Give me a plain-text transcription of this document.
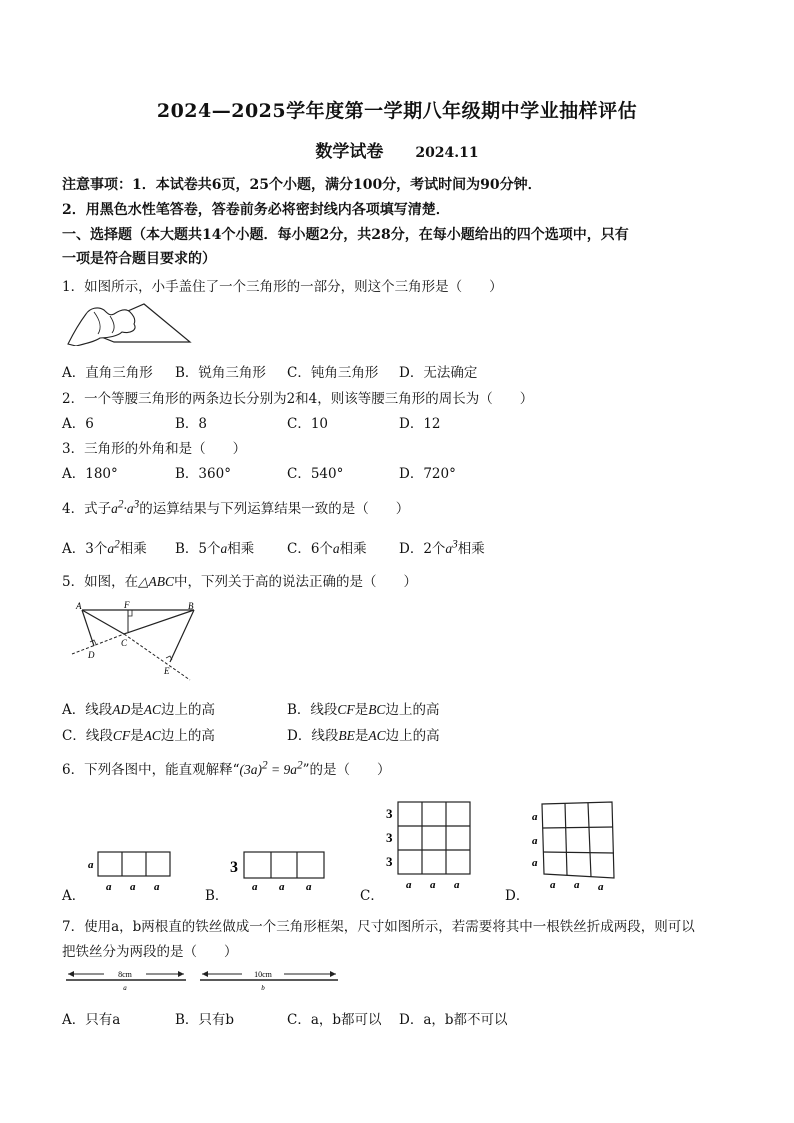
2024—2025学年度第一学期八年级期中学业抽样评估
数学试卷 2024.11
注意事项：1．本试卷共6页，25个小题，满分100分，考试时间为90分钟．
2．用黑色水性笔答卷，答卷前务必将密封线内各项填写清楚．
一、选择题（本大题共14个小题．每小题2分，共28分，在每小题给出的四个选项中，只有
一项是符合题目要求的）
1．如图所示，小手盖住了一个三角形的一部分，则这个三角形是（　　）
A．直角三角形 B．锐角三角形 C．钝角三角形 D．无法确定
2．一个等腰三角形的两条边长分别为2和4，则该等腰三角形的周长为（　　）
A．6	B．8	C．10	D．12
3．三角形的外角和是（　　）
A．180°	B．360°	C．540°	D．720°
4．式子$a^2\cdot a^3$的运算结果与下列运算结果一致的是（　　）
A．3个$a^2$相乘 B．5个a相乘 C．6个a相乘 D．2个$a^3$相乘
5．如图，在△ABC中，下列关于高的说法正确的是（　　）
A	F	B
C
D
E
A．线段AD是AC边上的高	B．线段CF是BC边上的高
C．线段CF是AC边上的高	D．线段BE是AC边上的高
6．下列各图中，能直观解释“$(3a)^2 = 9a^2$”的是（　　）
a
a a a
A．
3
a a a
B．
3
3
3
a a a
C．
a
a
a
a a a
D．
7．使用a，b两根直的铁丝做成一个三角形框架，尺寸如图所示，若需要将其中一根铁丝折成两段，则可以
把铁丝分为两段的是（　　）
8cm
a
10cm
b
A．只有a	B．只有b	C．a，b都可以 D．a，b都不可以
